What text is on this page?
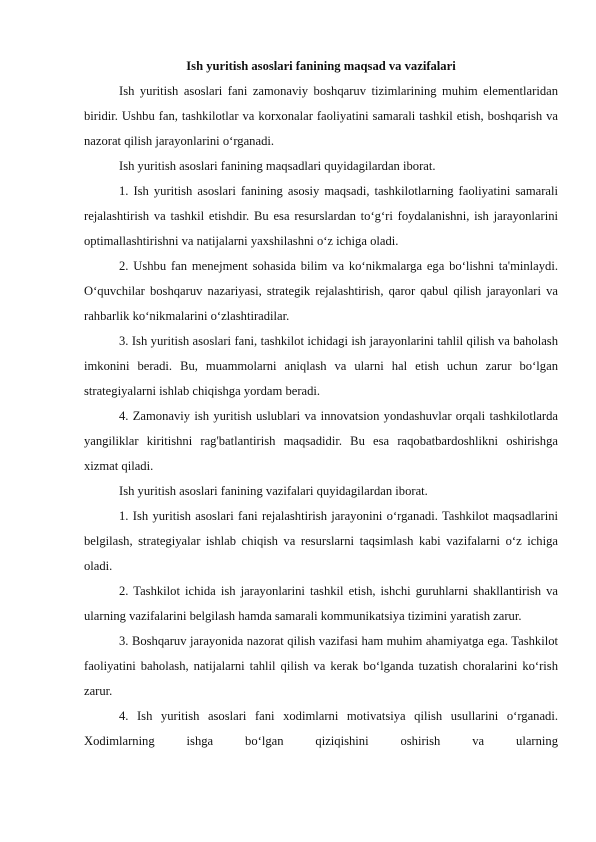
Ish yuritish asoslari fanining maqsad va vazifalari

Ish yuritish asoslari fani zamonaviy boshqaruv tizimlarining muhim elementlaridan biridir. Ushbu fan, tashkilotlar va korxonalar faoliyatini samarali tashkil etish, boshqarish va nazorat qilish jarayonlarini o‘rganadi.

Ish yuritish asoslari fanining maqsadlari quyidagilardan iborat.

1. Ish yuritish asoslari fanining asosiy maqsadi, tashkilotlarning faoliyatini samarali rejalashtirish va tashkil etishdir. Bu esa resurslardan to‘g‘ri foydalanishni, ish jarayonlarini optimallashtirishni va natijalarni yaxshilashni o‘z ichiga oladi.

2. Ushbu fan menejment sohasida bilim va ko‘nikmalarga ega bo‘lishni ta'minlaydi. O‘quvchilar boshqaruv nazariyasi, strategik rejalashtirish, qaror qabul qilish jarayonlari va rahbarlik ko‘nikmalarini o‘zlashtiradilar.

3. Ish yuritish asoslari fani, tashkilot ichidagi ish jarayonlarini tahlil qilish va baholash imkonini beradi. Bu, muammolarni aniqlash va ularni hal etish uchun zarur bo‘lgan strategiyalarni ishlab chiqishga yordam beradi.

4. Zamonaviy ish yuritish uslublari va innovatsion yondashuvlar orqali tashkilotlarda yangiliklar kiritishni rag'batlantirish maqsadidir. Bu esa raqobatbardoshlikni oshirishga xizmat qiladi.

Ish yuritish asoslari fanining vazifalari quyidagilardan iborat.

1. Ish yuritish asoslari fani rejalashtirish jarayonini o‘rganadi. Tashkilot maqsadlarini belgilash, strategiyalar ishlab chiqish va resurslarni taqsimlash kabi vazifalarni o‘z ichiga oladi.

2. Tashkilot ichida ish jarayonlarini tashkil etish, ishchi guruhlarni shakllantirish va ularning vazifalarini belgilash hamda samarali kommunikatsiya tizimini yaratish zarur.

3. Boshqaruv jarayonida nazorat qilish vazifasi ham muhim ahamiyatga ega. Tashkilot faoliyatini baholash, natijalarni tahlil qilish va kerak bo‘lganda tuzatish choralarini ko‘rish zarur.

4. Ish yuritish asoslari fani xodimlarni motivatsiya qilish usullarini o‘rganadi. Xodimlarning ishga bo‘lgan qiziqishini oshirish va ularning
